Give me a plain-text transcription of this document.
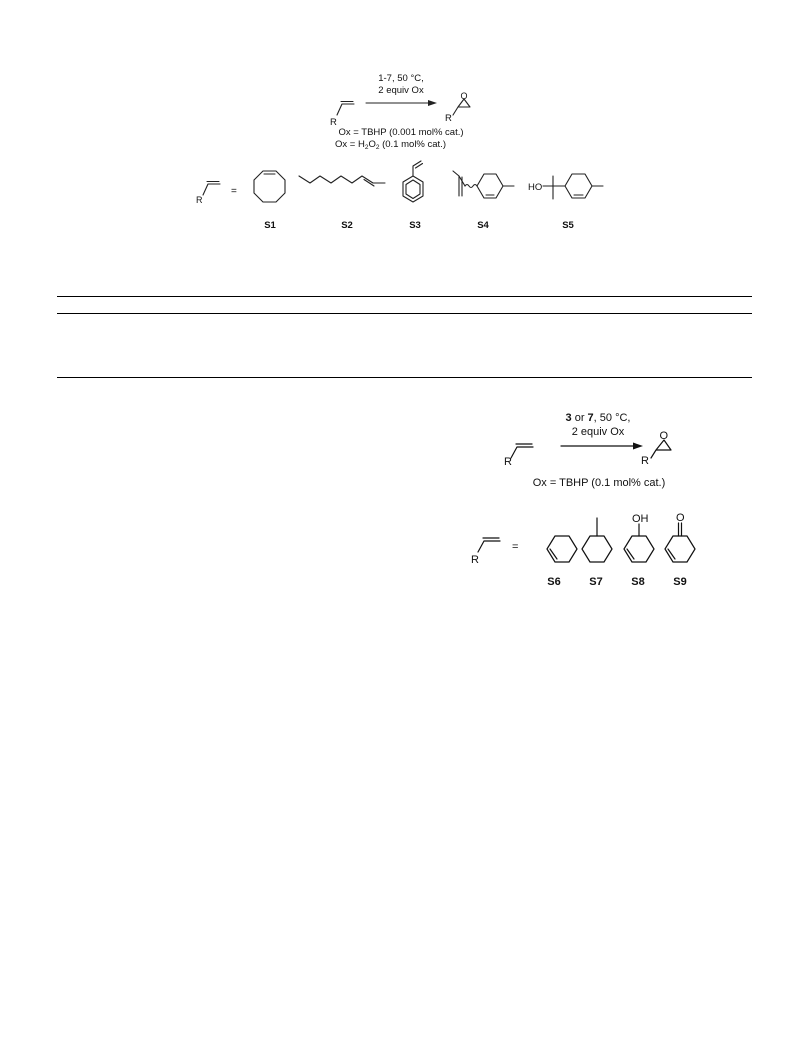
1-7, 50 °C,
2 equiv Ox
R	R
O
Ox = TBHP (0.001 mol% cat.)
$Ox = H_2O_2$ (0.1 mol% cat.)
R
=
S1	S2	S3	S4
HO
S5
3 or 7, 50 °C,
2 equiv Ox
R	R
O
Ox = TBHP (0.1 mol% cat.)
R
=
S6	S7
OH
S8
O
S9
